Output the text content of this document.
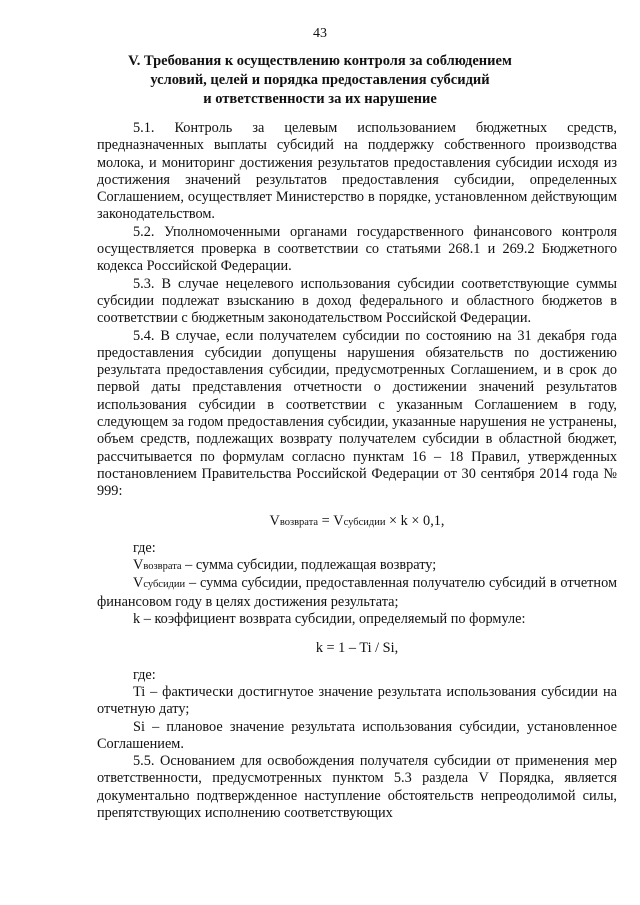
43
V. Требования к осуществлению контроля за соблюдением
условий, целей и порядка предоставления субсидий
и ответственности за их нарушение

5.1. Контроль за целевым использованием бюджетных средств, предназначенных выплаты субсидий на поддержку собственного производства молока, и мониторинг достижения результатов предоставления субсидии исходя из достижения значений результатов предоставления субсидии, определенных Соглашением, осуществляет Министерство в порядке, установленном действующим законодательством.

5.2. Уполномоченными органами государственного финансового контроля осуществляется проверка в соответствии со статьями 268.1 и 269.2 Бюджетного кодекса Российской Федерации.

5.3. В случае нецелевого использования субсидии соответствующие суммы субсидии подлежат взысканию в доход федерального и областного бюджетов в соответствии с бюджетным законодательством Российской Федерации.

5.4. В случае, если получателем субсидии по состоянию на 31 декабря года предоставления субсидии допущены нарушения обязательств по достижению результата предоставления субсидии, предусмотренных Соглашением, и в срок до первой даты представления отчетности о достижении значений результатов использования субсидии в соответствии с указанным Соглашением в году, следующем за годом предоставления субсидии, указанные нарушения не устранены, объем средств, подлежащих возврату получателем субсидии в областной бюджет, рассчитывается по формулам согласно пунктам 16 – 18 Правил, утвержденных постановлением Правительства Российской Федерации от 30 сентября 2014 года № 999:

Vвозврата = Vсубсидии × k × 0,1,

где:

Vвозврата – сумма субсидии, подлежащая возврату;

Vсубсидии – сумма субсидии, предоставленная получателю субсидий в отчетном финансовом году в целях достижения результата;

k – коэффициент возврата субсидии, определяемый по формуле:

k = 1 – Ti / Si,

где:

Ti – фактически достигнутое значение результата использования субсидии на отчетную дату;

Si – плановое значение результата использования субсидии, установленное Соглашением.

5.5. Основанием для освобождения получателя субсидии от применения мер ответственности, предусмотренных пунктом 5.3 раздела V Порядка, является документально подтвержденное наступление обстоятельств непреодолимой силы, препятствующих исполнению соответствующих
